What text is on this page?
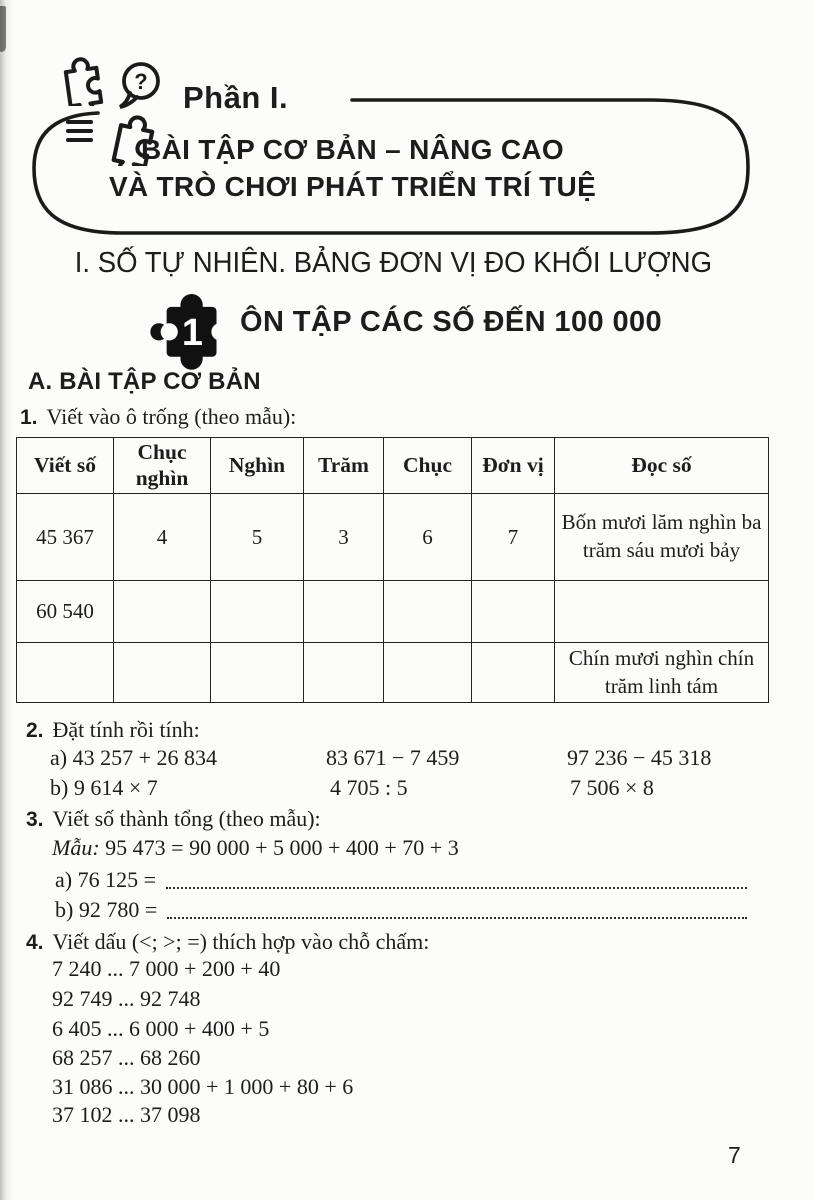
? Phần I.
BÀI TẬP CƠ BẢN – NÂNG CAO
VÀ TRÒ CHƠI PHÁT TRIỂN TRÍ TUỆ
I. SỐ TỰ NHIÊN. BẢNG ĐƠN VỊ ĐO KHỐI LƯỢNG
1 ÔN TẬP CÁC SỐ ĐẾN 100 000
A. BÀI TẬP CƠ BẢN
1. Viết vào ô trống (theo mẫu):
Viết số	Chục nghìn	Nghìn	Trăm	Chục	Đơn vị	Đọc số
45 367	4	5	3	6	7	Bốn mươi lăm nghìn ba trăm sáu mươi bảy
60 540						
						Chín mươi nghìn chín trăm linh tám
2. Đặt tính rồi tính:
a) 43 257 + 26 834	83 671 − 7 459	97 236 − 45 318
b) 9 614 × 7	4 705 : 5	7 506 × 8
3. Viết số thành tổng (theo mẫu):
Mẫu: 95 473 = 90 000 + 5 000 + 400 + 70 + 3
a) 76 125 =
b) 92 780 =
4. Viết dấu (<; >; =) thích hợp vào chỗ chấm:
7 240 ... 7 000 + 200 + 40
92 749 ... 92 748
6 405 ... 6 000 + 400 + 5
68 257 ... 68 260
31 086 ... 30 000 + 1 000 + 80 + 6
37 102 ... 37 098
7
